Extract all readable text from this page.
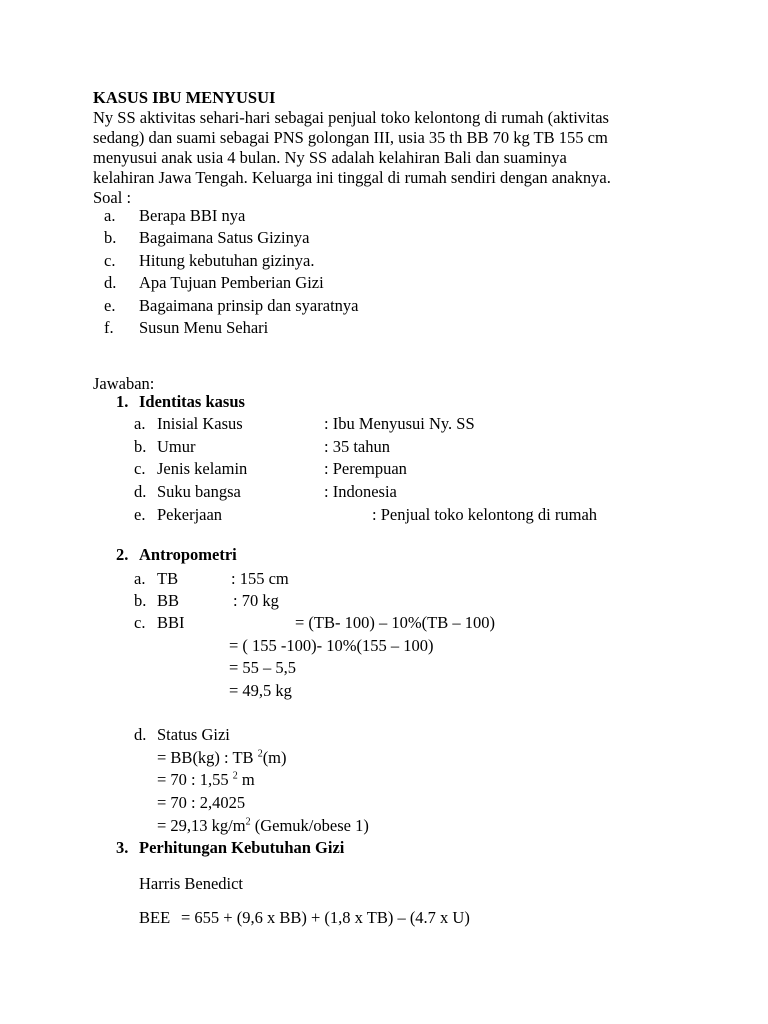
KASUS IBU MENYUSUI
Ny SS aktivitas sehari-hari sebagai penjual toko kelontong di rumah (aktivitas
sedang) dan suami sebagai PNS golongan III, usia 35 th BB 70 kg TB 155 cm
menyusui anak usia 4 bulan. Ny SS adalah kelahiran Bali dan suaminya
kelahiran Jawa Tengah. Keluarga ini tinggal di rumah sendiri dengan anaknya.
Soal :
a. Berapa BBI nya
b. Bagaimana Satus Gizinya
c. Hitung kebutuhan gizinya.
d. Apa Tujuan Pemberian Gizi
e. Bagaimana prinsip dan syaratnya
f. Susun Menu Sehari
Jawaban:
1. Identitas kasus
a. Inisial Kasus	: Ibu Menyusui Ny. SS
b. Umur	: 35 tahun
c. Jenis kelamin	: Perempuan
d. Suku bangsa	: Indonesia
e. Pekerjaan	: Penjual toko kelontong di rumah
2. Antropometri
a. TB	: 155 cm
b. BB	: 70 kg
c. BBI	= (TB- 100) – 10%(TB – 100)
= ( 155 -100)- 10%(155 – 100)
= 55 – 5,5
= 49,5 kg
d. Status Gizi
= BB(kg) : TB $^2$(m)
= 70 : 1,55 $^2$ m
= 70 : 2,4025
= 29,13 $kg/m^2$ (Gemuk/obese 1)
3. Perhitungan Kebutuhan Gizi
Harris Benedict
BEE = 655 + (9,6 x BB) + (1,8 x TB) – (4.7 x U)
